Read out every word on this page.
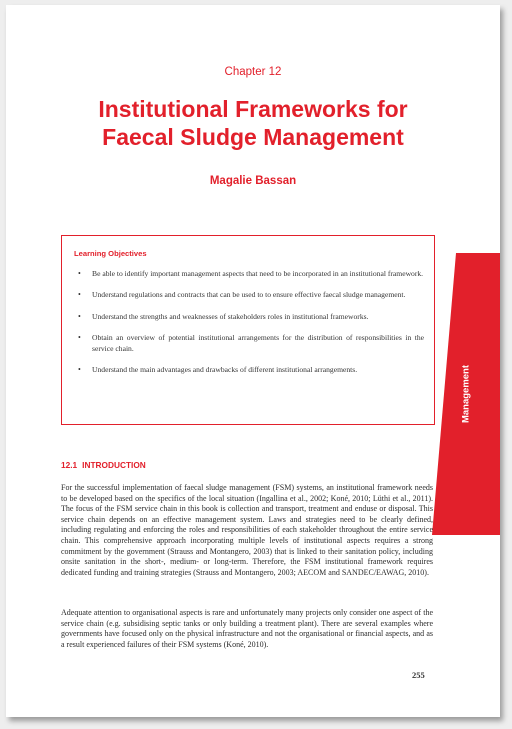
Chapter 12
Institutional Frameworks for
Faecal Sludge Management
Magalie Bassan
Learning Objectives
• Be able to identify important management aspects that need to be incorporated in an institutional framework.
• Understand regulations and contracts that can be used to to ensure effective faecal sludge management.
• Understand the strengths and weaknesses of stakeholders roles in institutional frameworks.
• Obtain an overview of potential institutional arrangements for the distribution of responsibilities in the service chain.
• Understand the main advantages and drawbacks of different institutional arrangements.	Management
12.1 INTRODUCTION

For the successful implementation of faecal sludge management (FSM) systems, an institutional framework needs to be developed based on the specifics of the local situation (Ingallina et al., 2002; Koné, 2010; Lüthi et al., 2011). The focus of the FSM service chain in this book is collection and transport, treatment and enduse or disposal. This service chain depends on an effective management system. Laws and strategies need to be clearly defined, including regulating and enforcing the roles and responsibilities of each stakeholder throughout the entire service chain. This comprehensive approach incorporating multiple levels of institutional aspects requires a strong commitment by the government (Strauss and Montangero, 2003) that is linked to their sanitation policy, including onsite sanitation in the short-, medium- or long-term. Therefore, the FSM institutional framework requires dedicated funding and training strategies (Strauss and Montangero, 2003; AECOM and SANDEC/EAWAG, 2010).

Adequate attention to organisational aspects is rare and unfortunately many projects only consider one aspect of the service chain (e.g. subsidising septic tanks or only building a treatment plant). There are several examples where governments have focused only on the physical infrastructure and not the organisational or financial aspects, and as a result experienced failures of their FSM systems (Koné, 2010).

255
